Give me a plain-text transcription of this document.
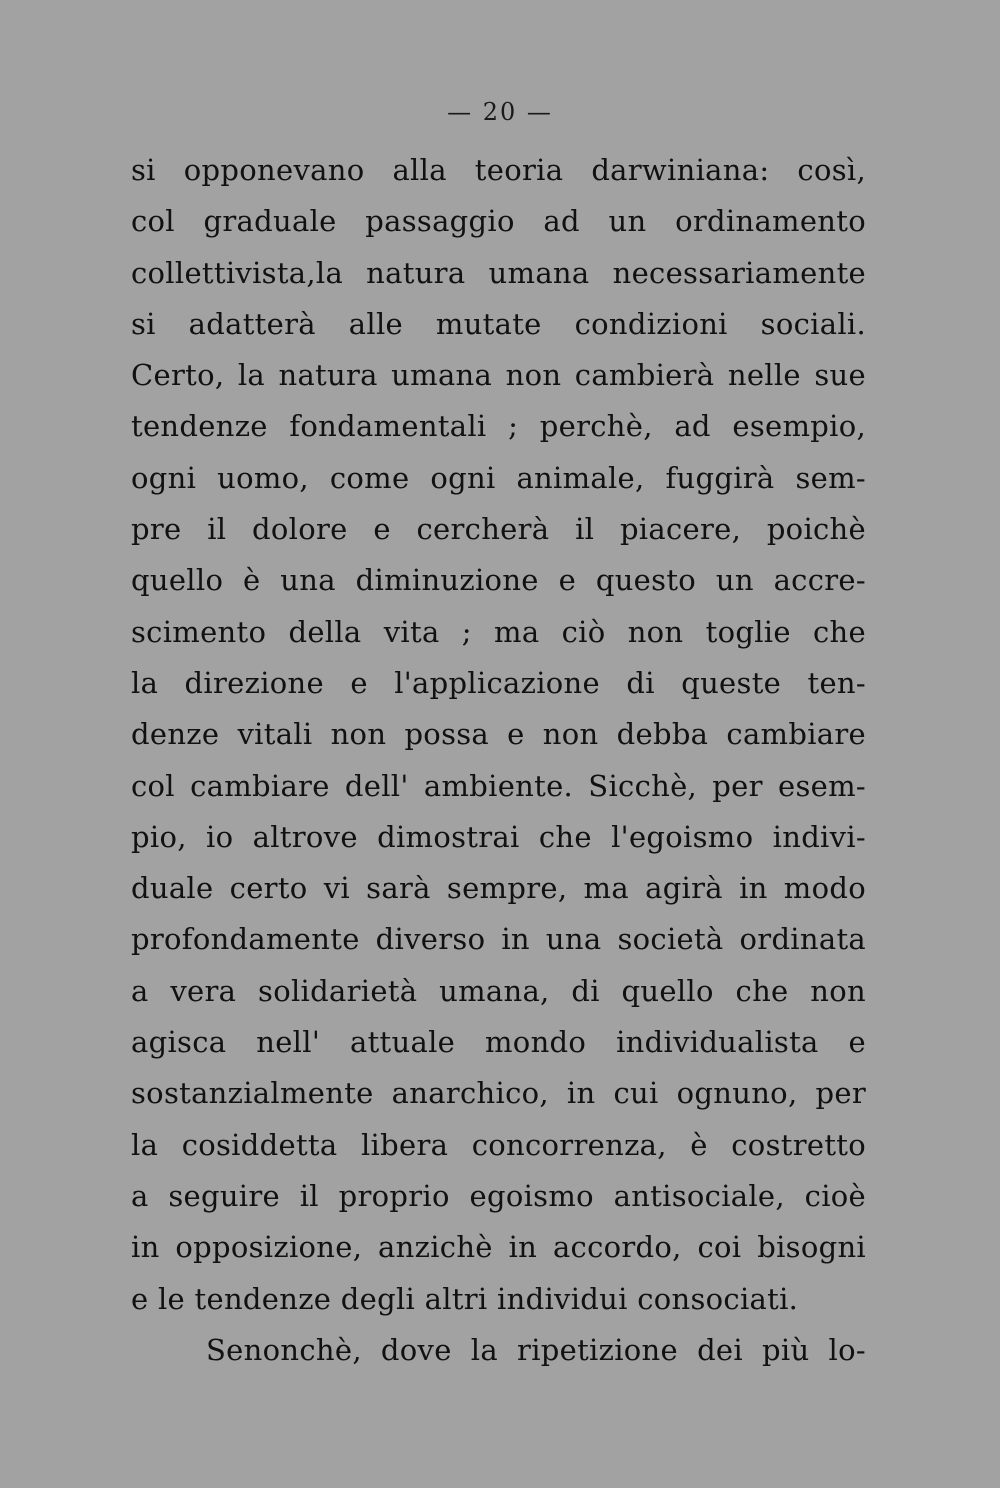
— 20 —
si opponevano alla teoria darwiniana: così,
col graduale passaggio ad un ordinamento
collettivista,la natura umana necessariamente
si adatterà alle mutate condizioni sociali.
Certo, la natura umana non cambierà nelle sue
tendenze fondamentali ; perchè, ad esempio,
ogni uomo, come ogni animale, fuggirà sem-
pre il dolore e cercherà il piacere, poichè
quello è una diminuzione e questo un accre-
scimento della vita ; ma ciò non toglie che
la direzione e l'applicazione di queste ten-
denze vitali non possa e non debba cambiare
col cambiare dell' ambiente. Sicchè, per esem-
pio, io altrove dimostrai che l'egoismo indivi-
duale certo vi sarà sempre, ma agirà in modo
profondamente diverso in una società ordinata
a vera solidarietà umana, di quello che non
agisca nell' attuale mondo individualista e
sostanzialmente anarchico, in cui ognuno, per
la cosiddetta libera concorrenza, è costretto
a seguire il proprio egoismo antisociale, cioè
in opposizione, anzichè in accordo, coi bisogni
e le tendenze degli altri individui consociati.
Senonchè, dove la ripetizione dei più lo-
